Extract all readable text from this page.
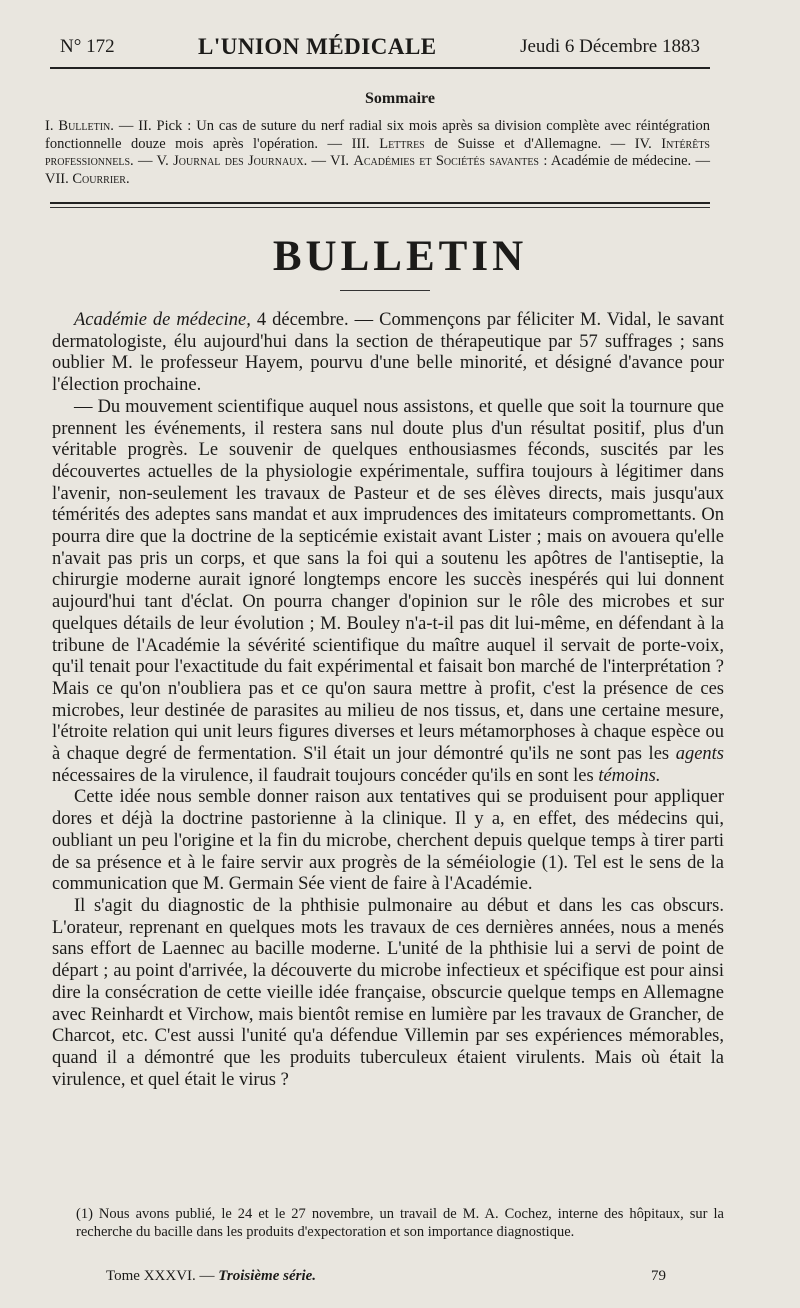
N° 172	L'UNION MÉDICALE	Jeudi 6 Décembre 1883
Sommaire
I. Bulletin. — II. Pick : Un cas de suture du nerf radial six mois après sa division complète avec réintégration fonctionnelle douze mois après l'opération. — III. Lettres de Suisse et d'Allemagne. — IV. Intérêts professionnels. — V. Journal des Journaux. — VI. Académies et Sociétés savantes : Académie de médecine. — VII. Courrier.
BULLETIN

Académie de médecine, 4 décembre. — Commençons par féliciter M. Vidal, le savant dermatologiste, élu aujourd'hui dans la section de thérapeutique par 57 suffrages ; sans oublier M. le professeur Hayem, pourvu d'une belle minorité, et désigné d'avance pour l'élection prochaine.

— Du mouvement scientifique auquel nous assistons, et quelle que soit la tournure que prennent les événements, il restera sans nul doute plus d'un résultat positif, plus d'un véritable progrès. Le souvenir de quelques enthousiasmes féconds, suscités par les découvertes actuelles de la physiologie expérimentale, suffira toujours à légitimer dans l'avenir, non-seulement les travaux de Pasteur et de ses élèves directs, mais jusqu'aux témérités des adeptes sans mandat et aux imprudences des imitateurs compromettants. On pourra dire que la doctrine de la septicémie existait avant Lister ; mais on avouera qu'elle n'avait pas pris un corps, et que sans la foi qui a soutenu les apôtres de l'antiseptie, la chirurgie moderne aurait ignoré longtemps encore les succès inespérés qui lui donnent aujourd'hui tant d'éclat. On pourra changer d'opinion sur le rôle des microbes et sur quelques détails de leur évolution ; M. Bouley n'a-t-il pas dit lui-même, en défendant à la tribune de l'Académie la sévérité scientifique du maître auquel il servait de porte-voix, qu'il tenait pour l'exactitude du fait expérimental et faisait bon marché de l'interprétation ? Mais ce qu'on n'oubliera pas et ce qu'on saura mettre à profit, c'est la présence de ces microbes, leur destinée de parasites au milieu de nos tissus, et, dans une certaine mesure, l'étroite relation qui unit leurs figures diverses et leurs métamorphoses à chaque espèce ou à chaque degré de fermentation. S'il était un jour démontré qu'ils ne sont pas les agents nécessaires de la virulence, il faudrait toujours concéder qu'ils en sont les témoins.

Cette idée nous semble donner raison aux tentatives qui se produisent pour appliquer dores et déjà la doctrine pastorienne à la clinique. Il y a, en effet, des médecins qui, oubliant un peu l'origine et la fin du microbe, cherchent depuis quelque temps à tirer parti de sa présence et à le faire servir aux progrès de la séméiologie (1). Tel est le sens de la communication que M. Germain Sée vient de faire à l'Académie.

Il s'agit du diagnostic de la phthisie pulmonaire au début et dans les cas obscurs. L'orateur, reprenant en quelques mots les travaux de ces dernières années, nous a menés sans effort de Laennec au bacille moderne. L'unité de la phthisie lui a servi de point de départ ; au point d'arrivée, la découverte du microbe infectieux et spécifique est pour ainsi dire la consécration de cette vieille idée française, obscurcie quelque temps en Allemagne avec Reinhardt et Virchow, mais bientôt remise en lumière par les travaux de Grancher, de Charcot, etc. C'est aussi l'unité qu'a défendue Villemin par ses expériences mémorables, quand il a démontré que les produits tuberculeux étaient virulents. Mais où était la virulence, et quel était le virus ?

(1) Nous avons publié, le 24 et le 27 novembre, un travail de M. A. Cochez, interne des hôpitaux, sur la recherche du bacille dans les produits d'expectoration et son importance diagnostique.
Tome XXXVI. — Troisième série.	79
